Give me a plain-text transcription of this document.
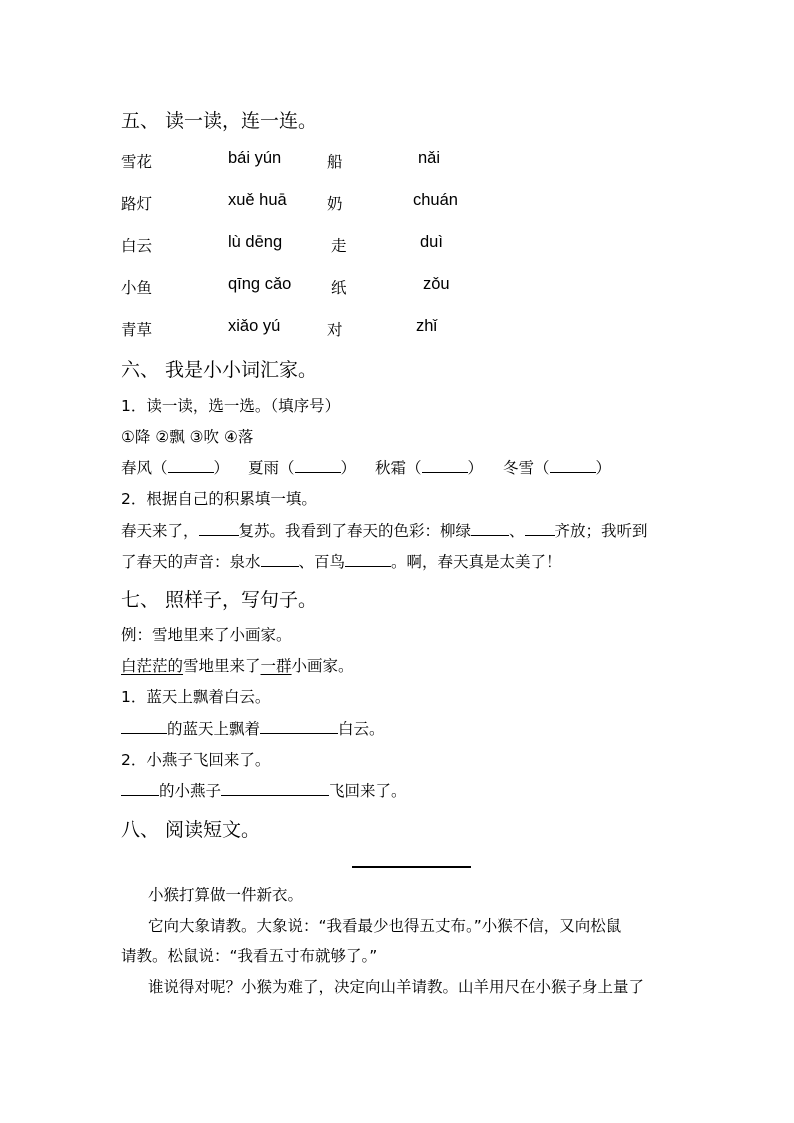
五、 读一读，连一连。
雪花	bái yún	船	nǎi
路灯	xuě huā	奶	chuán
白云	lù dēng	走	duì
小鱼	qīng cǎo	纸	zǒu
青草	xiǎo yú	对	zhǐ
六、 我是小小词汇家。
1．读一读，选一选。（填序号）
①降 ②飘 ③吹 ④落
春风（	） 夏雨（	） 秋霜（	） 冬雪（	）
2．根据自己的积累填一填。
春天来了，	复苏。我看到了春天的色彩：柳绿 、 齐放；我听到
了春天的声音：泉水 、百鸟	。啊，春天真是太美了！
七、 照样子，写句子。
例：雪地里来了小画家。
白茫茫的雪地里来了一群小画家。
1．蓝天上飘着白云。
的蓝天上飘着	白云。
2．小燕子飞回来了。
的小燕子	飞回来了。
八、 阅读短文。
小猴打算做一件新衣。
它向大象请教。大象说：“我看最少也得五丈布。”小猴不信，又向松鼠
请教。松鼠说：“我看五寸布就够了。”
谁说得对呢？小猴为难了，决定向山羊请教。山羊用尺在小猴子身上量了
